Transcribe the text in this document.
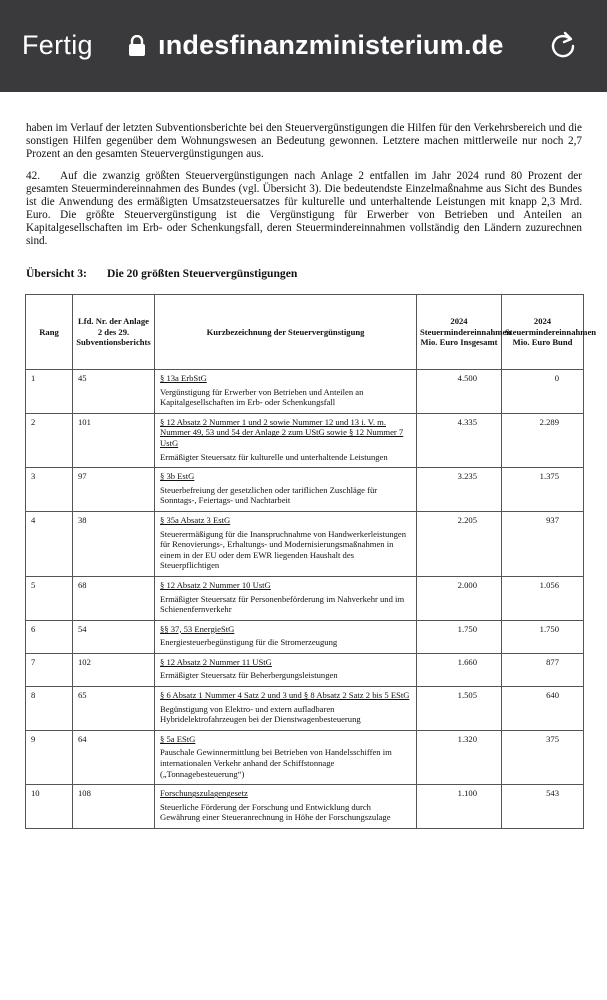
Fertig ındesfinanzministerium.de
haben im Verlauf der letzten Subventionsberichte bei den Steuervergünstigungen die Hilfen für den Verkehrsbereich und die sonstigen Hilfen gegenüber dem Wohnungswesen an Bedeutung gewonnen. Letztere machen mittlerweile nur noch 2,7 Prozent an den gesamten Steuervergünstigungen aus.
42. Auf die zwanzig größten Steuervergünstigungen nach Anlage 2 entfallen im Jahr 2024 rund 80 Prozent der gesamten Steuermindereinnahmen des Bundes (vgl. Übersicht 3). Die bedeutendste Einzelmaßnahme aus Sicht des Bundes ist die Anwendung des ermäßigten Umsatzsteuersatzes für kulturelle und unterhaltende Leistungen mit knapp 2,3 Mrd. Euro. Die größte Steuervergünstigung ist die Vergünstigung für Erwerber von Betrieben und Anteilen an Kapitalgesellschaften im Erb- oder Schenkungsfall, deren Steuermindereinnahmen vollständig den Ländern zuzurechnen sind.
Übersicht 3: Die 20 größten Steuervergünstigungen
Rang	Lfd. Nr. der Anlage 2 des 29. Subventionsberichts	Kurzbezeichnung der Steuervergünstigung	2024 Steuermindereinnahmen Mio. Euro Insgesamt	2024 Steuermindereinnahmen Mio. Euro Bund
1	45	§ 13a ErbStG
Vergünstigung für Erwerber von Betrieben und Anteilen an Kapitalgesellschaften im Erb- oder Schenkungsfall	4.500	0
2	101	§ 12 Absatz 2 Nummer 1 und 2 sowie Nummer 12 und 13 i. V. m. Nummer 49, 53 und 54 der Anlage 2 zum UStG sowie § 12 Nummer 7 UstG
Ermäßigter Steuersatz für kulturelle und unterhaltende Leistungen	4.335	2.289
3	97	§ 3b EstG
Steuerbefreiung der gesetzlichen oder tariflichen Zuschläge für Sonntags-, Feiertags- und Nachtarbeit	3.235	1.375
4	38	§ 35a Absatz 3 EstG
Steuerermäßigung für die Inanspruchnahme von Handwerkerleistungen für Renovierungs-, Erhaltungs- und Modernisierungsmaßnahmen in einem in der EU oder dem EWR liegenden Haushalt des Steuerpflichtigen	2.205	937
5	68	§ 12 Absatz 2 Nummer 10 UstG
Ermäßigter Steuersatz für Personenbeförderung im Nahverkehr und im Schienenfernverkehr	2.000	1.056
6	54	§§ 37, 53 EnergieStG
Energiesteuerbegünstigung für die Stromerzeugung	1.750	1.750
7	102	§ 12 Absatz 2 Nummer 11 UStG
Ermäßigter Steuersatz für Beherbergungsleistungen	1.660	877
8	65	§ 6 Absatz 1 Nummer 4 Satz 2 und 3 und § 8 Absatz 2 Satz 2 bis 5 EStG
Begünstigung von Elektro- und extern aufladbaren Hybridelektrofahrzeugen bei der Dienstwagenbesteuerung	1.505	640
9	64	§ 5a EStG
Pauschale Gewinnermittlung bei Betrieben von Handelsschiffen im internationalen Verkehr anhand der Schiffstonnage („Tonnagebesteuerung“)	1.320	375
10	108	Forschungszulagengesetz
Steuerliche Förderung der Forschung und Entwicklung durch Gewährung einer Steueranrechnung in Höhe der Forschungszulage	1.100	543
